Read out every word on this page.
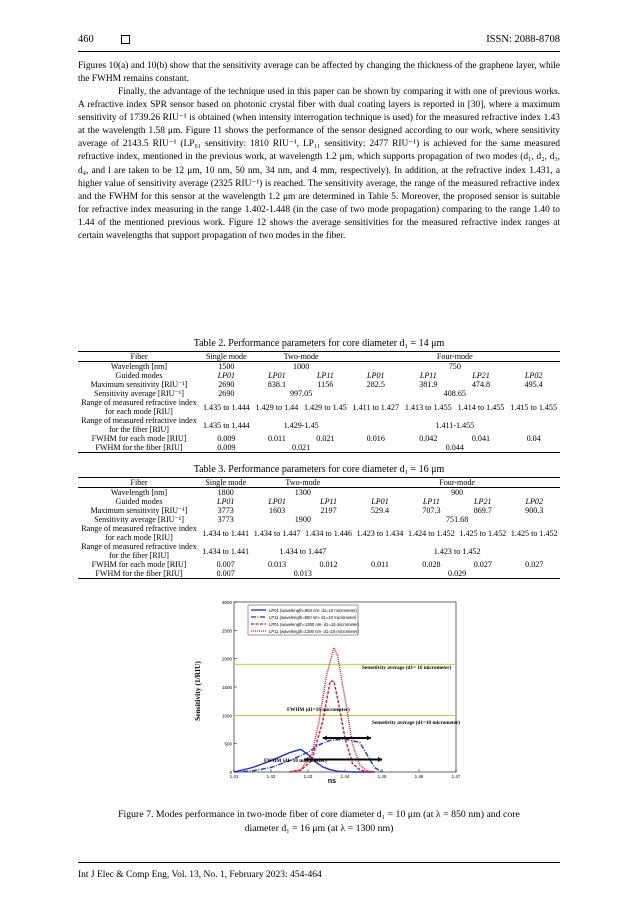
460	ISSN: 2088-8708

Figures 10(a) and 10(b) show that the sensitivity average can be affected by changing the thickness of the graphene layer, while the FWHM remains constant.

Finally, the advantage of the technique used in this paper can be shown by comparing it with one of previous works. A refractive index SPR sensor based on photonic crystal fiber with dual coating layers is reported in [30], where a maximum sensitivity of 1739.26 RIU⁻¹ is obtained (when intensity interrogation technique is used) for the measured refractive index 1.43 at the wavelength 1.58 μm. Figure 11 shows the performance of the sensor designed according to our work, where sensitivity average of 2143.5 RIU⁻¹ (LP₀₁ sensitivity: 1810 RIU⁻¹, LP₁₁ sensitivity: 2477 RIU⁻¹) is achieved for the same measured refractive index, mentioned in the previous work, at wavelength 1.2 μm, which supports propagation of two modes (d₁, d₂, d₃, d₄, and l are taken to be 12 μm, 10 nm, 50 nm, 34 nm, and 4 mm, respectively). In addition, at the refractive index 1.431, a higher value of sensitivity average (2325 RIU⁻¹) is reached. The sensitivity average, the range of the measured refractive index and the FWHM for this sensor at the wavelength 1.2 μm are determined in Table 5. Moreover, the proposed sensor is suitable for refractive index measuring in the range 1.402-1.448 (in the case of two mode propagation) comparing to the range 1.40 to 1.44 of the mentioned previous work. Figure 12 shows the average sensitivities for the measured refractive index ranges at certain wavelengths that support propagation of two modes in the fiber.

Table 2. Performance parameters for core diameter d₁ = 14 μm

Fiber	Single mode	Two-mode		Four-mode			
Wavelength [nm]	1500	1000		750			
Guided modes	LP01	LP01	LP11	LP01	LP11	LP21	LP02
Maximum sensitivity [RIU⁻¹]	2690	838.1	1156	282.5	381.9	474.8	495.4
Sensitivity average [RIU⁻¹]	2690	997.05		408.65			
Range of measured refractive index for each mode [RIU]	1.435 to 1.444	1.429 to 1.44	1.429 to 1.45	1.411 to 1.427	1.413 to 1.455	1.414 to 1.455	1.415 to 1.455
Range of measured refractive index for the fiber [RIU]	1.435 to 1.444	1.429-1.45		1.411-1.455			
FWHM for each mode [RIU]	0.009	0.011	0.021	0.016	0.042	0.041	0.04
FWHM for the fiber [RIU]	0.009	0.021		0.044			

Table 3. Performance parameters for core diameter d₁ = 16 μm

Fiber	Single mode	Two-mode		Four-mode			
Wavelength [nm]	1800	1300		900			
Guided modes	LP01	LP01	LP11	LP01	LP11	LP21	LP02
Maximum sensitivity [RIU⁻¹]	3773	1603	2197	529.4	707.3	869.7	900.3
Sensitivity average [RIU⁻¹]	3773	1900		751.68			
Range of measured refractive index for each mode [RIU]	1.434 to 1.441	1.434 to 1.447	1.434 to 1.446	1.423 to 1.434	1.424 to 1.452	1.425 to 1.452	1.425 to 1.452
Range of measured refractive index for the fiber [RIU]	1.434 to 1.441	1.434 to 1.447		1.423 to 1.452			
FWHM for each mode [RIU]	0.007	0.013	0.012	0.011	0.028	0.027	0.027
FWHM for the fiber [RIU]	0.007	0.013		0.029			
Sensitivity (1/RIU)
ns
0
500
1000
1500
2000
2500
3000
1.41	1.42	1.43	1.44	1.45	1.46	1.47
LP01 (wavelength=850 nm- d1=10 micrometer)
LP11 (wavelength=850 nm- d1=10 micrometer)
LP01 (wavelength=1300 nm- d1=16 micrometer)
LP11 (wavelength=1300 nm- d1=16 micrometer)
Sensetivity average (d1= 16 micrometer)
FWHM (d1=16 micrometer)
Sensetivity average (d1=10 micrometer)
FWHM (d1=10 micrometer)

Figure 7. Modes performance in two-mode fiber of core diameter d₁ = 10 μm (at λ = 850 nm) and core

diameter d₁ = 16 μm (at λ = 1300 nm)

Int J Elec & Comp Eng, Vol. 13, No. 1, February 2023: 454-464
